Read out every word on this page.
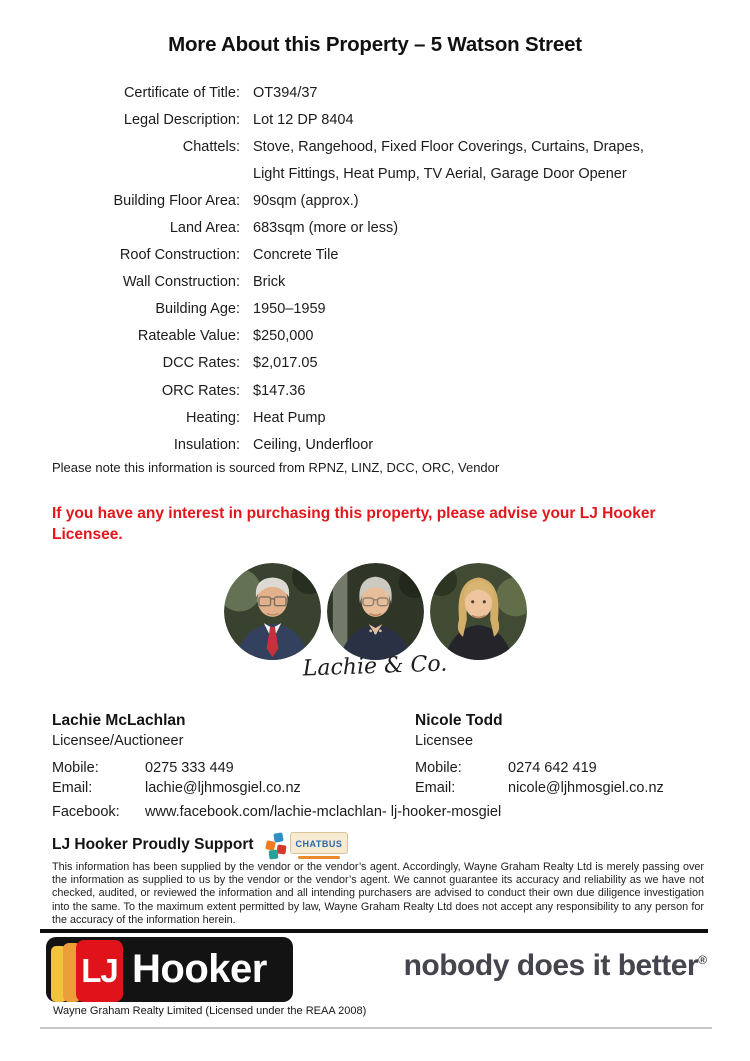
More About this Property – 5 Watson Street
Certificate of Title: OT394/37
Legal Description: Lot 12 DP 8404
Chattels: Stove, Rangehood, Fixed Floor Coverings, Curtains, Drapes,
Light Fittings, Heat Pump, TV Aerial, Garage Door Opener
Building Floor Area: 90sqm (approx.)
Land Area: 683sqm (more or less)
Roof Construction: Concrete Tile
Wall Construction: Brick
Building Age: 1950–1959
Rateable Value: $250,000
DCC Rates: $2,017.05
ORC Rates: $147.36
Heating: Heat Pump
Insulation: Ceiling, Underfloor
Please note this information is sourced from RPNZ, LINZ, DCC, ORC, Vendor
If you have any interest in purchasing this property, please advise your LJ Hooker
Licensee.
Lachie & Co.
Lachie McLachlan
Licensee/Auctioneer
Mobile:	0275 333 449
Email:	lachie@ljhmosgiel.co.nz
Nicole Todd
Licensee
Mobile:	0274 642 419
Email:	nicole@ljhmosgiel.co.nz
Facebook:	www.facebook.com/lachie-mclachlan- lj-hooker-mosgiel
LJ Hooker Proudly Support	CHATBUS
This information has been supplied by the vendor or the vendor’s agent. Accordingly, Wayne Graham Realty Ltd is merely passing over the information as supplied to us by the vendor or the vendor’s agent. We cannot guarantee its accuracy and reliability as we have not checked, audited, or reviewed the information and all intending purchasers are advised to conduct their own due diligence investigation into the same. To the maximum extent permitted by law, Wayne Graham Realty Ltd does not accept any responsibility to any person for the accuracy of the information herein.
LJ Hooker
Wayne Graham Realty Limited (Licensed under the REAA 2008)
nobody does it better®
